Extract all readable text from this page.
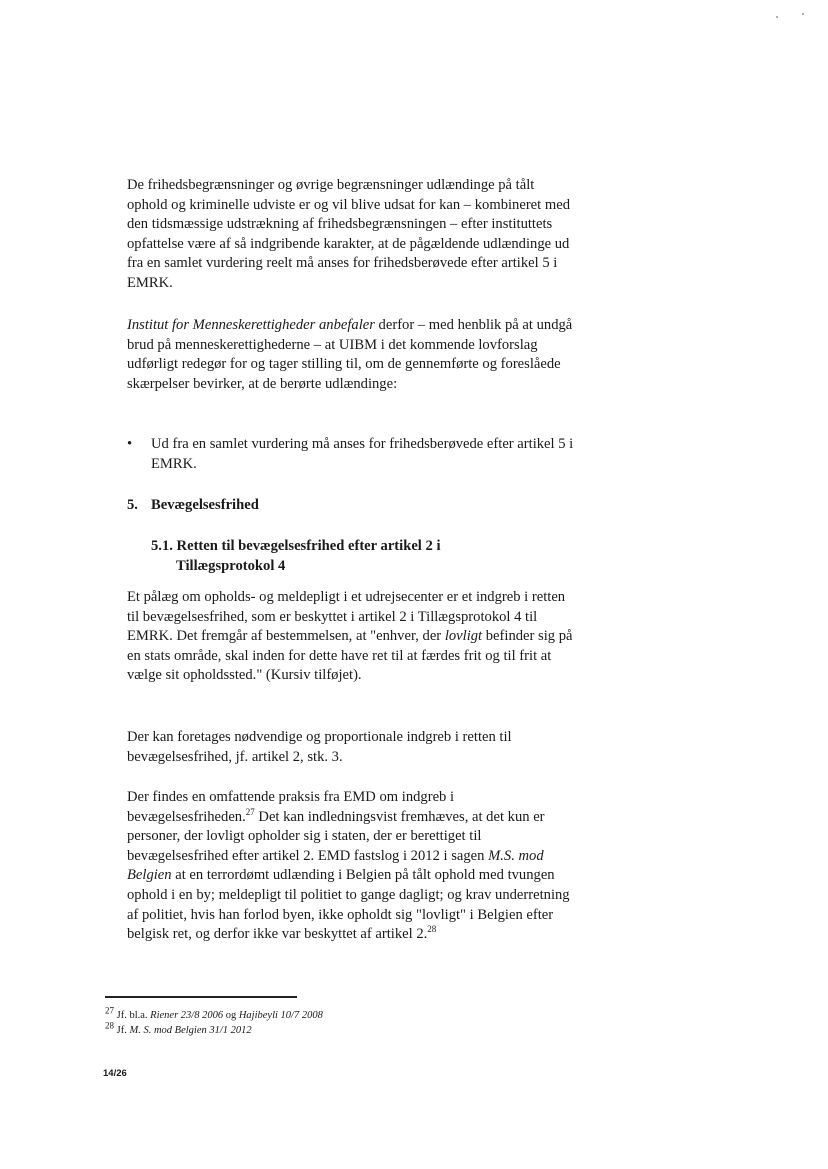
De frihedsbegrænsninger og øvrige begrænsninger udlændinge på tålt ophold og kriminelle udviste er og vil blive udsat for kan – kombineret med den tidsmæssige udstrækning af frihedsbegrænsningen – efter instituttets opfattelse være af så indgribende karakter, at de pågældende udlændinge ud fra en samlet vurdering reelt må anses for frihedsberøvede efter artikel 5 i EMRK.

Institut for Menneskerettigheder anbefaler derfor – med henblik på at undgå brud på menneskerettighederne – at UIBM i det kommende lovforslag udførligt redegør for og tager stilling til, om de gennemførte og foreslåede skærpelser bevirker, at de berørte udlændinge:

• Ud fra en samlet vurdering må anses for frihedsberøvede efter artikel 5 i EMRK.
5. Bevægelsesfrihed
5.1. Retten til bevægelsesfrihed efter artikel 2 i
Tillægsprotokol 4

Et pålæg om opholds- og meldepligt i et udrejsecenter er et indgreb i retten til bevægelsesfrihed, som er beskyttet i artikel 2 i Tillægsprotokol 4 til EMRK. Det fremgår af bestemmelsen, at "enhver, der lovligt befinder sig på en stats område, skal inden for dette have ret til at færdes frit og til frit at vælge sit opholdssted." (Kursiv tilføjet).

Der kan foretages nødvendige og proportionale indgreb i retten til bevægelsesfrihed, jf. artikel 2, stk. 3.

Der findes en omfattende praksis fra EMD om indgreb i bevægelsesfriheden.$^{27}$ Det kan indledningsvist fremhæves, at det kun er personer, der lovligt opholder sig i staten, der er berettiget til bevægelsesfrihed efter artikel 2. EMD fastslog i 2012 i sagen M.S. mod Belgien at en terrordømt udlænding i Belgien på tålt ophold med tvungen ophold i en by; meldepligt til politiet to gange dagligt; og krav underretning af politiet, hvis han forlod byen, ikke opholdt sig "lovligt" i Belgien efter belgisk ret, og derfor ikke var beskyttet af artikel 2.28

$^{27}$ Jf. bl.a. Riener 23/8 2006 og Hajibeyli 10/7 2008
$^{28}$ Jf. M. S. mod Belgien 31/1 2012
14/26
